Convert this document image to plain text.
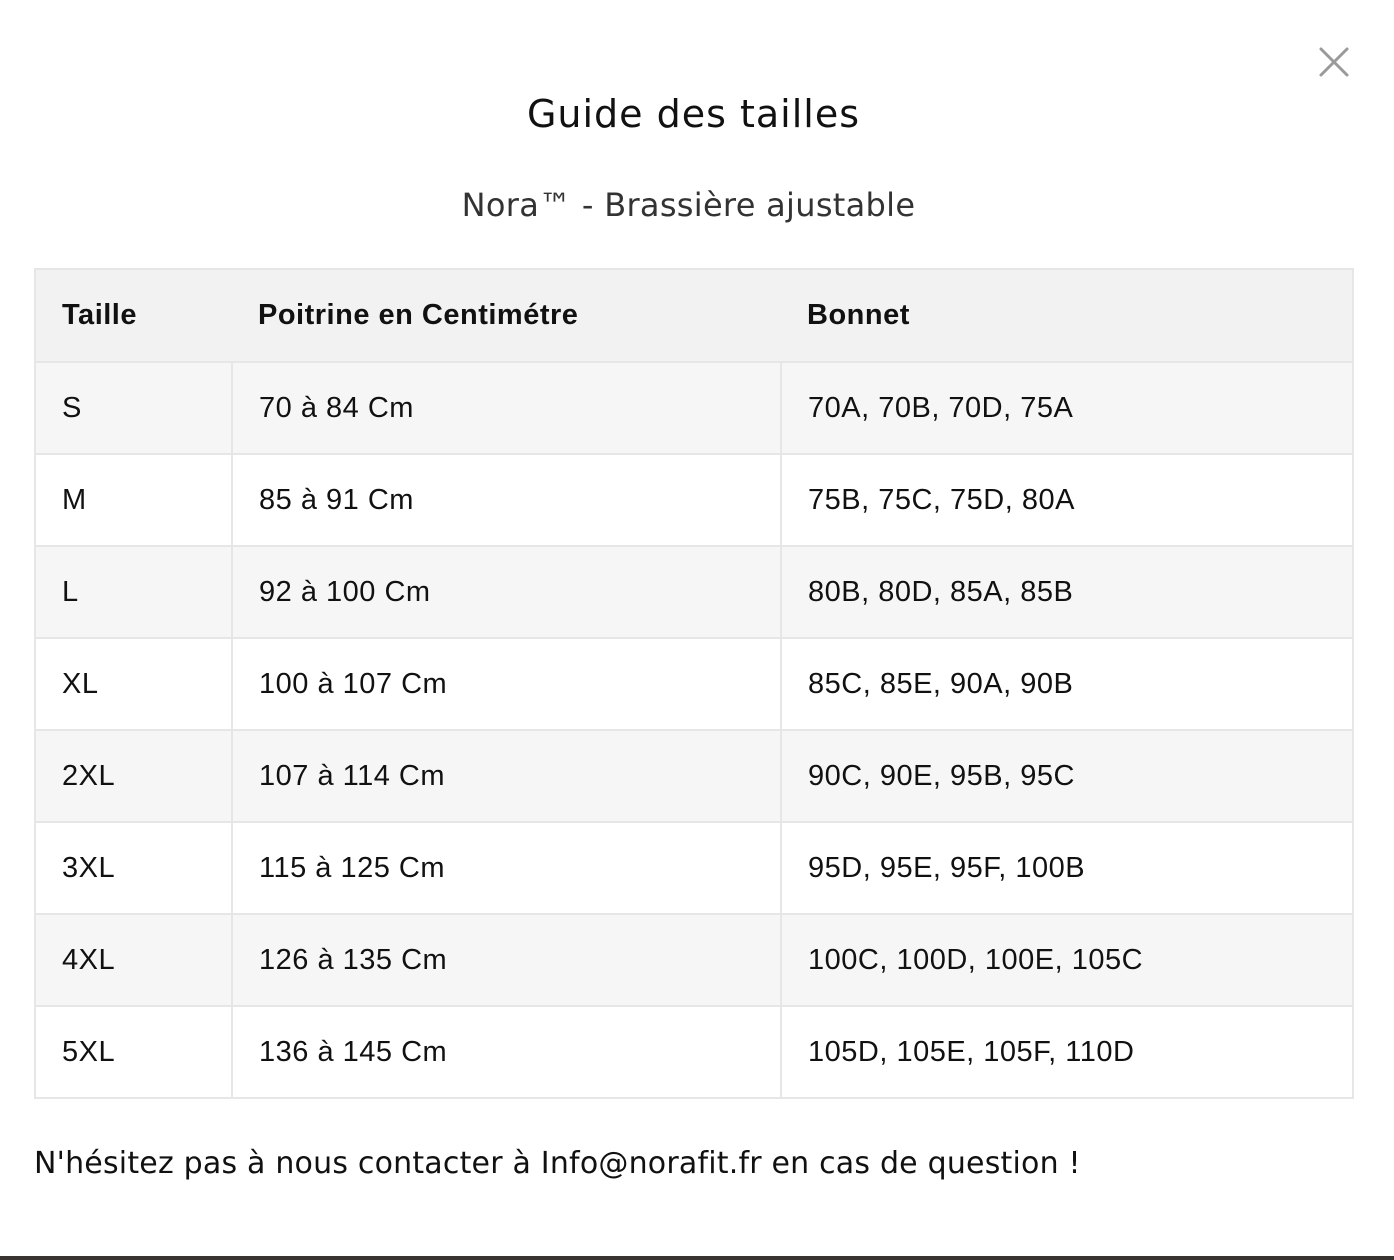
Guide des tailles
Nora™ - Brassière ajustable
Taille	Poitrine en Centimétre	Bonnet
S	70 à 84 Cm	70A, 70B, 70D, 75A
M	85 à 91 Cm	75B, 75C, 75D, 80A
L	92 à 100 Cm	80B, 80D, 85A, 85B
XL	100 à 107 Cm	85C, 85E, 90A, 90B
2XL	107 à 114 Cm	90C, 90E, 95B, 95C
3XL	115 à 125 Cm	95D, 95E, 95F, 100B
4XL	126 à 135 Cm	100C, 100D, 100E, 105C
5XL	136 à 145 Cm	105D, 105E, 105F, 110D

N'hésitez pas à nous contacter à Info@norafit.fr en cas de question !
